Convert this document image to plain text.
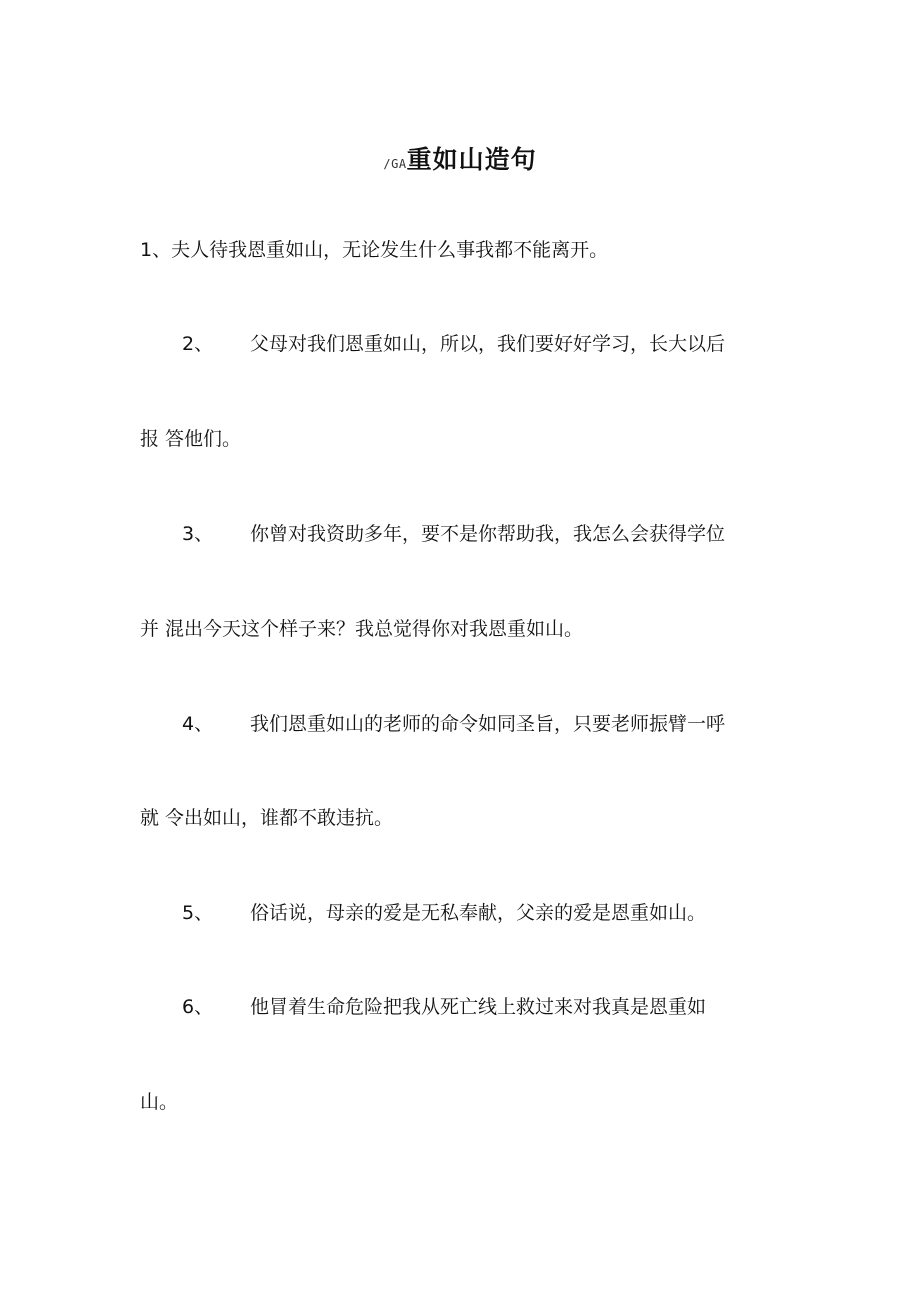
/GA重如山造句
1、夫人待我恩重如山，无论发生什么事我都不能离开。
2、 父母对我们恩重如山，所以，我们要好好学习，长大以后
报 答他们。
3、 你曾对我资助多年，要不是你帮助我，我怎么会获得学位
并 混出今天这个样子来？我总觉得你对我恩重如山。
4、 我们恩重如山的老师的命令如同圣旨，只要老师振臂一呼
就 令出如山，谁都不敢违抗。
5、 俗话说，母亲的爱是无私奉献，父亲的爱是恩重如山。
6、 他冒着生命危险把我从死亡线上救过来对我真是恩重如
山。
